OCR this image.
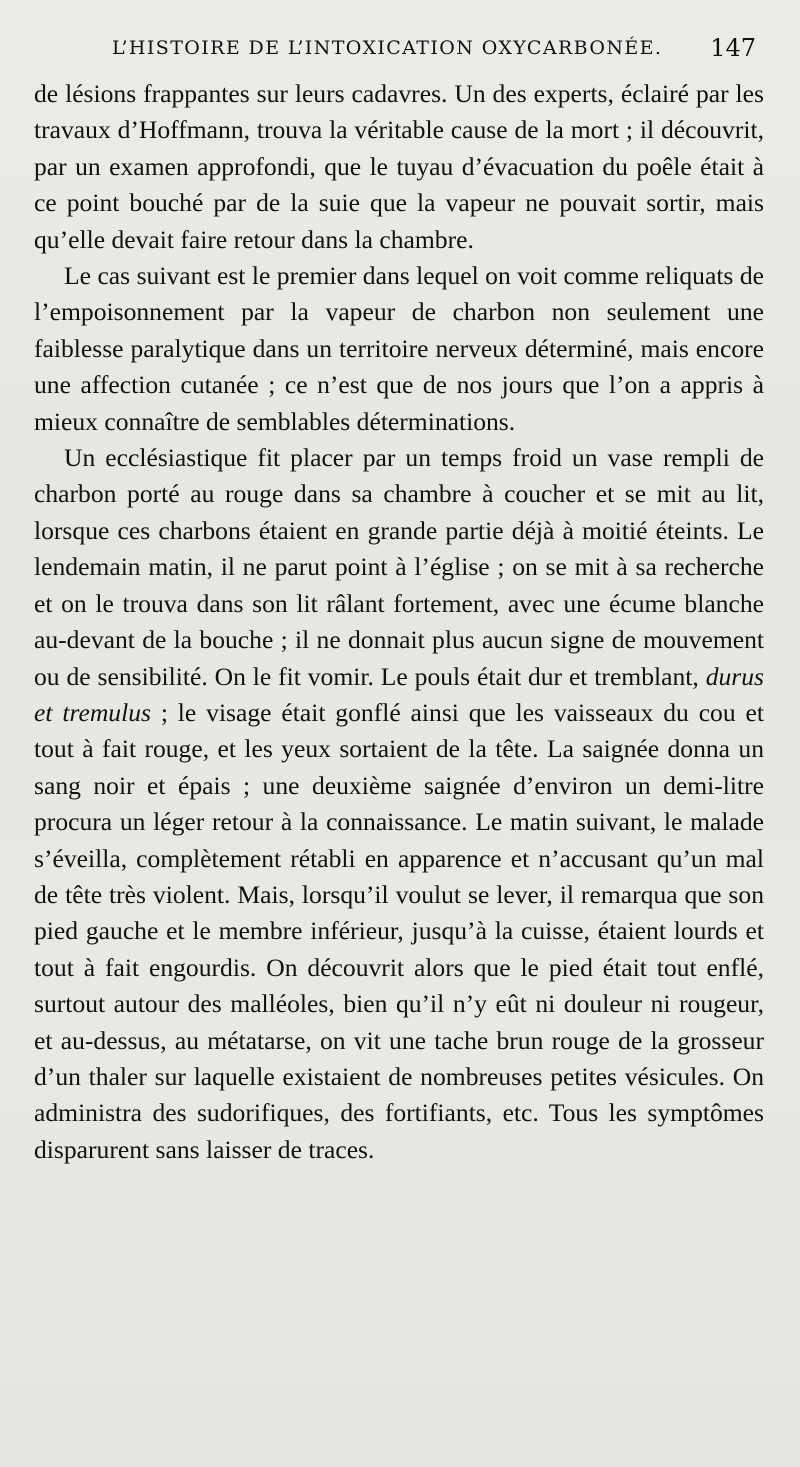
L’HISTOIRE DE L’INTOXICATION OXYCARBONÉE. 147

de lésions frappantes sur leurs cadavres. Un des experts, éclairé par les travaux d’Hoffmann, trouva la véritable cause de la mort ; il découvrit, par un examen approfondi, que le tuyau d’évacuation du poêle était à ce point bouché par de la suie que la vapeur ne pouvait sortir, mais qu’elle devait faire retour dans la chambre.

Le cas suivant est le premier dans lequel on voit comme reliquats de l’empoisonnement par la vapeur de charbon non seulement une faiblesse paralytique dans un territoire nerveux déterminé, mais encore une affection cutanée ; ce n’est que de nos jours que l’on a appris à mieux connaître de semblables déterminations.

Un ecclésiastique fit placer par un temps froid un vase rempli de charbon porté au rouge dans sa chambre à coucher et se mit au lit, lorsque ces charbons étaient en grande partie déjà à moitié éteints. Le lendemain matin, il ne parut point à l’église ; on se mit à sa recherche et on le trouva dans son lit râlant fortement, avec une écume blanche au-devant de la bouche ; il ne donnait plus aucun signe de mouvement ou de sensibilité. On le fit vomir. Le pouls était dur et tremblant, durus et tremulus ; le visage était gonflé ainsi que les vaisseaux du cou et tout à fait rouge, et les yeux sortaient de la tête. La saignée donna un sang noir et épais ; une deuxième saignée d’environ un demi-litre procura un léger retour à la connaissance. Le matin suivant, le malade s’éveilla, complètement rétabli en apparence et n’accusant qu’un mal de tête très violent. Mais, lorsqu’il voulut se lever, il remarqua que son pied gauche et le membre inférieur, jusqu’à la cuisse, étaient lourds et tout à fait engourdis. On découvrit alors que le pied était tout enflé, surtout autour des malléoles, bien qu’il n’y eût ni douleur ni rougeur, et au-dessus, au métatarse, on vit une tache brun rouge de la grosseur d’un thaler sur laquelle existaient de nombreuses petites vésicules. On administra des sudorifiques, des fortifiants, etc. Tous les symptômes disparurent sans laisser de traces.
